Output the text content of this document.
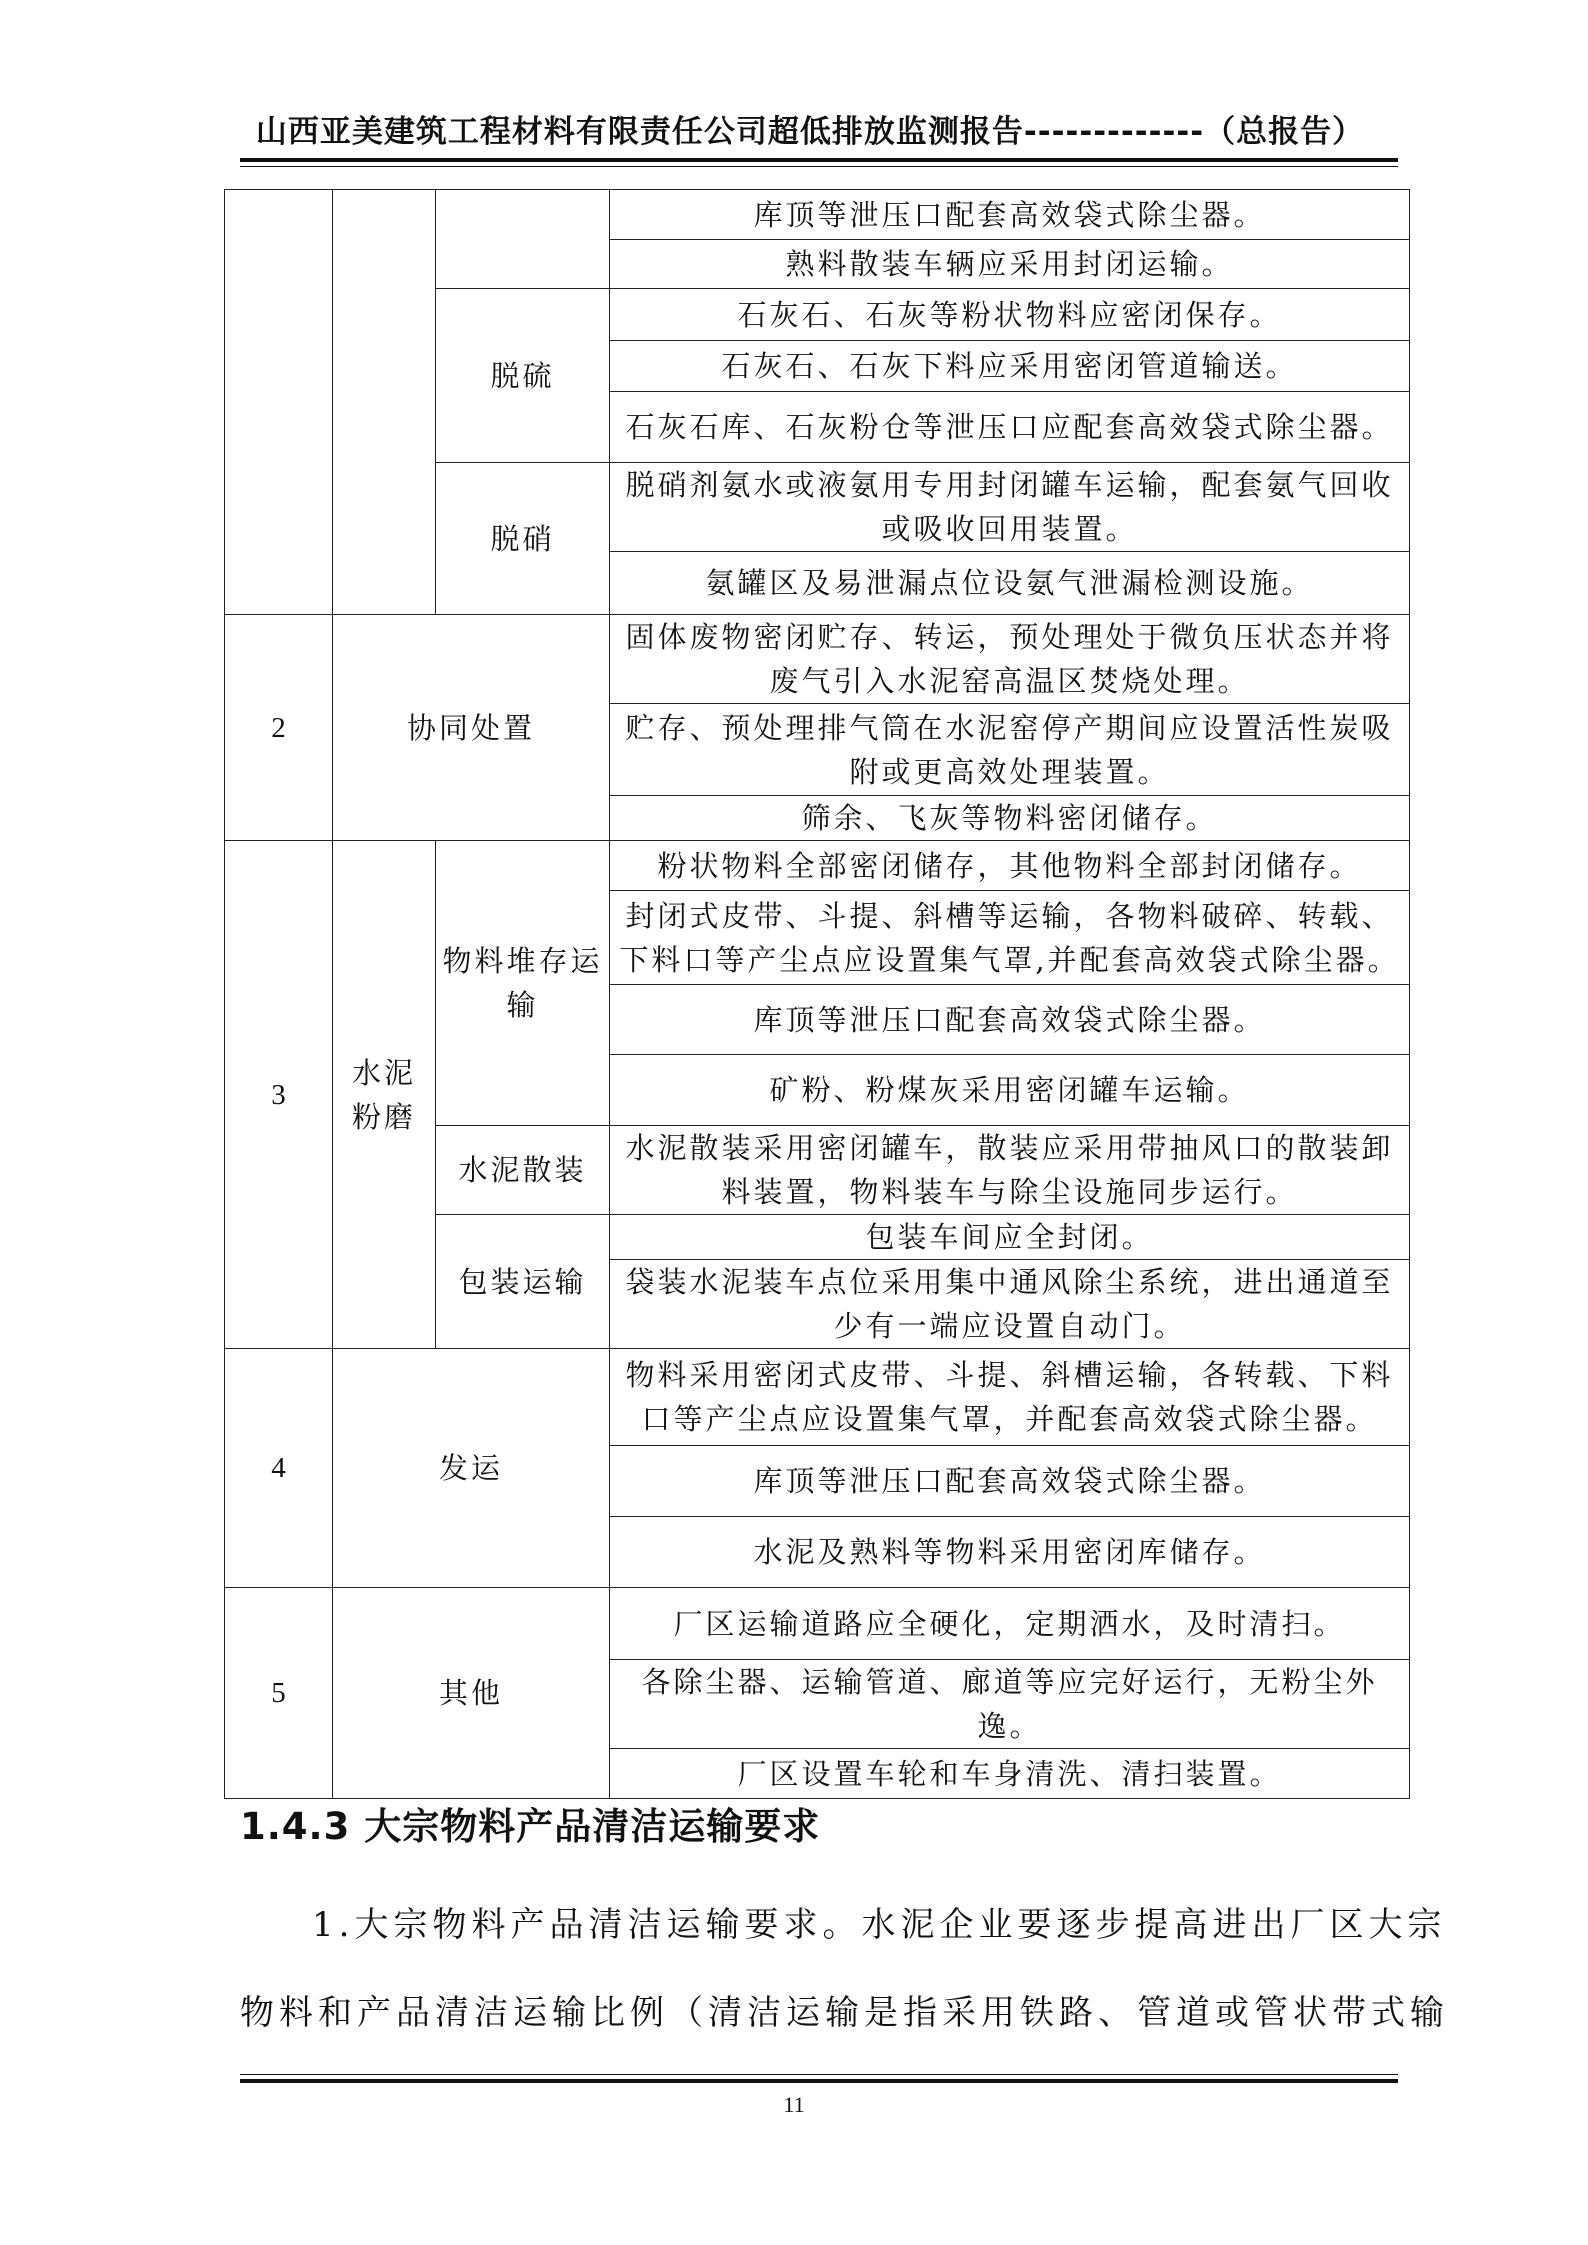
山西亚美建筑工程材料有限责任公司超低排放监测报告-------------（总报告）
			库顶等泄压口配套高效袋式除尘器。
			熟料散装车辆应采用封闭运输。
		脱硫	石灰石、石灰等粉状物料应密闭保存。
			石灰石、石灰下料应采用密闭管道输送。
			石灰石库、石灰粉仓等泄压口应配套高效袋式除尘器。
		脱硝	脱硝剂氨水或液氨用专用封闭罐车运输，配套氨气回收或吸收回用装置。
			氨罐区及易泄漏点位设氨气泄漏检测设施。
2	协同处置		固体废物密闭贮存、转运，预处理处于微负压状态并将废气引入水泥窑高温区焚烧处理。
			贮存、预处理排气筒在水泥窑停产期间应设置活性炭吸附或更高效处理装置。
			筛余、飞灰等物料密闭储存。
3	水泥粉磨	物料堆存运输	粉状物料全部密闭储存，其他物料全部封闭储存。
			封闭式皮带、斗提、斜槽等运输，各物料破碎、转载、下料口等产尘点应设置集气罩,并配套高效袋式除尘器。
			库顶等泄压口配套高效袋式除尘器。
			矿粉、粉煤灰采用密闭罐车运输。
		水泥散装	水泥散装采用密闭罐车，散装应采用带抽风口的散装卸料装置，物料装车与除尘设施同步运行。
		包装运输	包装车间应全封闭。
			袋装水泥装车点位采用集中通风除尘系统，进出通道至少有一端应设置自动门。
4	发运		物料采用密闭式皮带、斗提、斜槽运输，各转载、下料口等产尘点应设置集气罩，并配套高效袋式除尘器。
			库顶等泄压口配套高效袋式除尘器。
			水泥及熟料等物料采用密闭库储存。
5	其他		厂区运输道路应全硬化，定期洒水，及时清扫。
			各除尘器、运输管道、廊道等应完好运行，无粉尘外逸。
			厂区设置车轮和车身清洗、清扫装置。
1.4.3 大宗物料产品清洁运输要求

1.大宗物料产品清洁运输要求。水泥企业要逐步提高进出厂区大宗

物料和产品清洁运输比例（清洁运输是指采用铁路、管道或管状带式输

11
